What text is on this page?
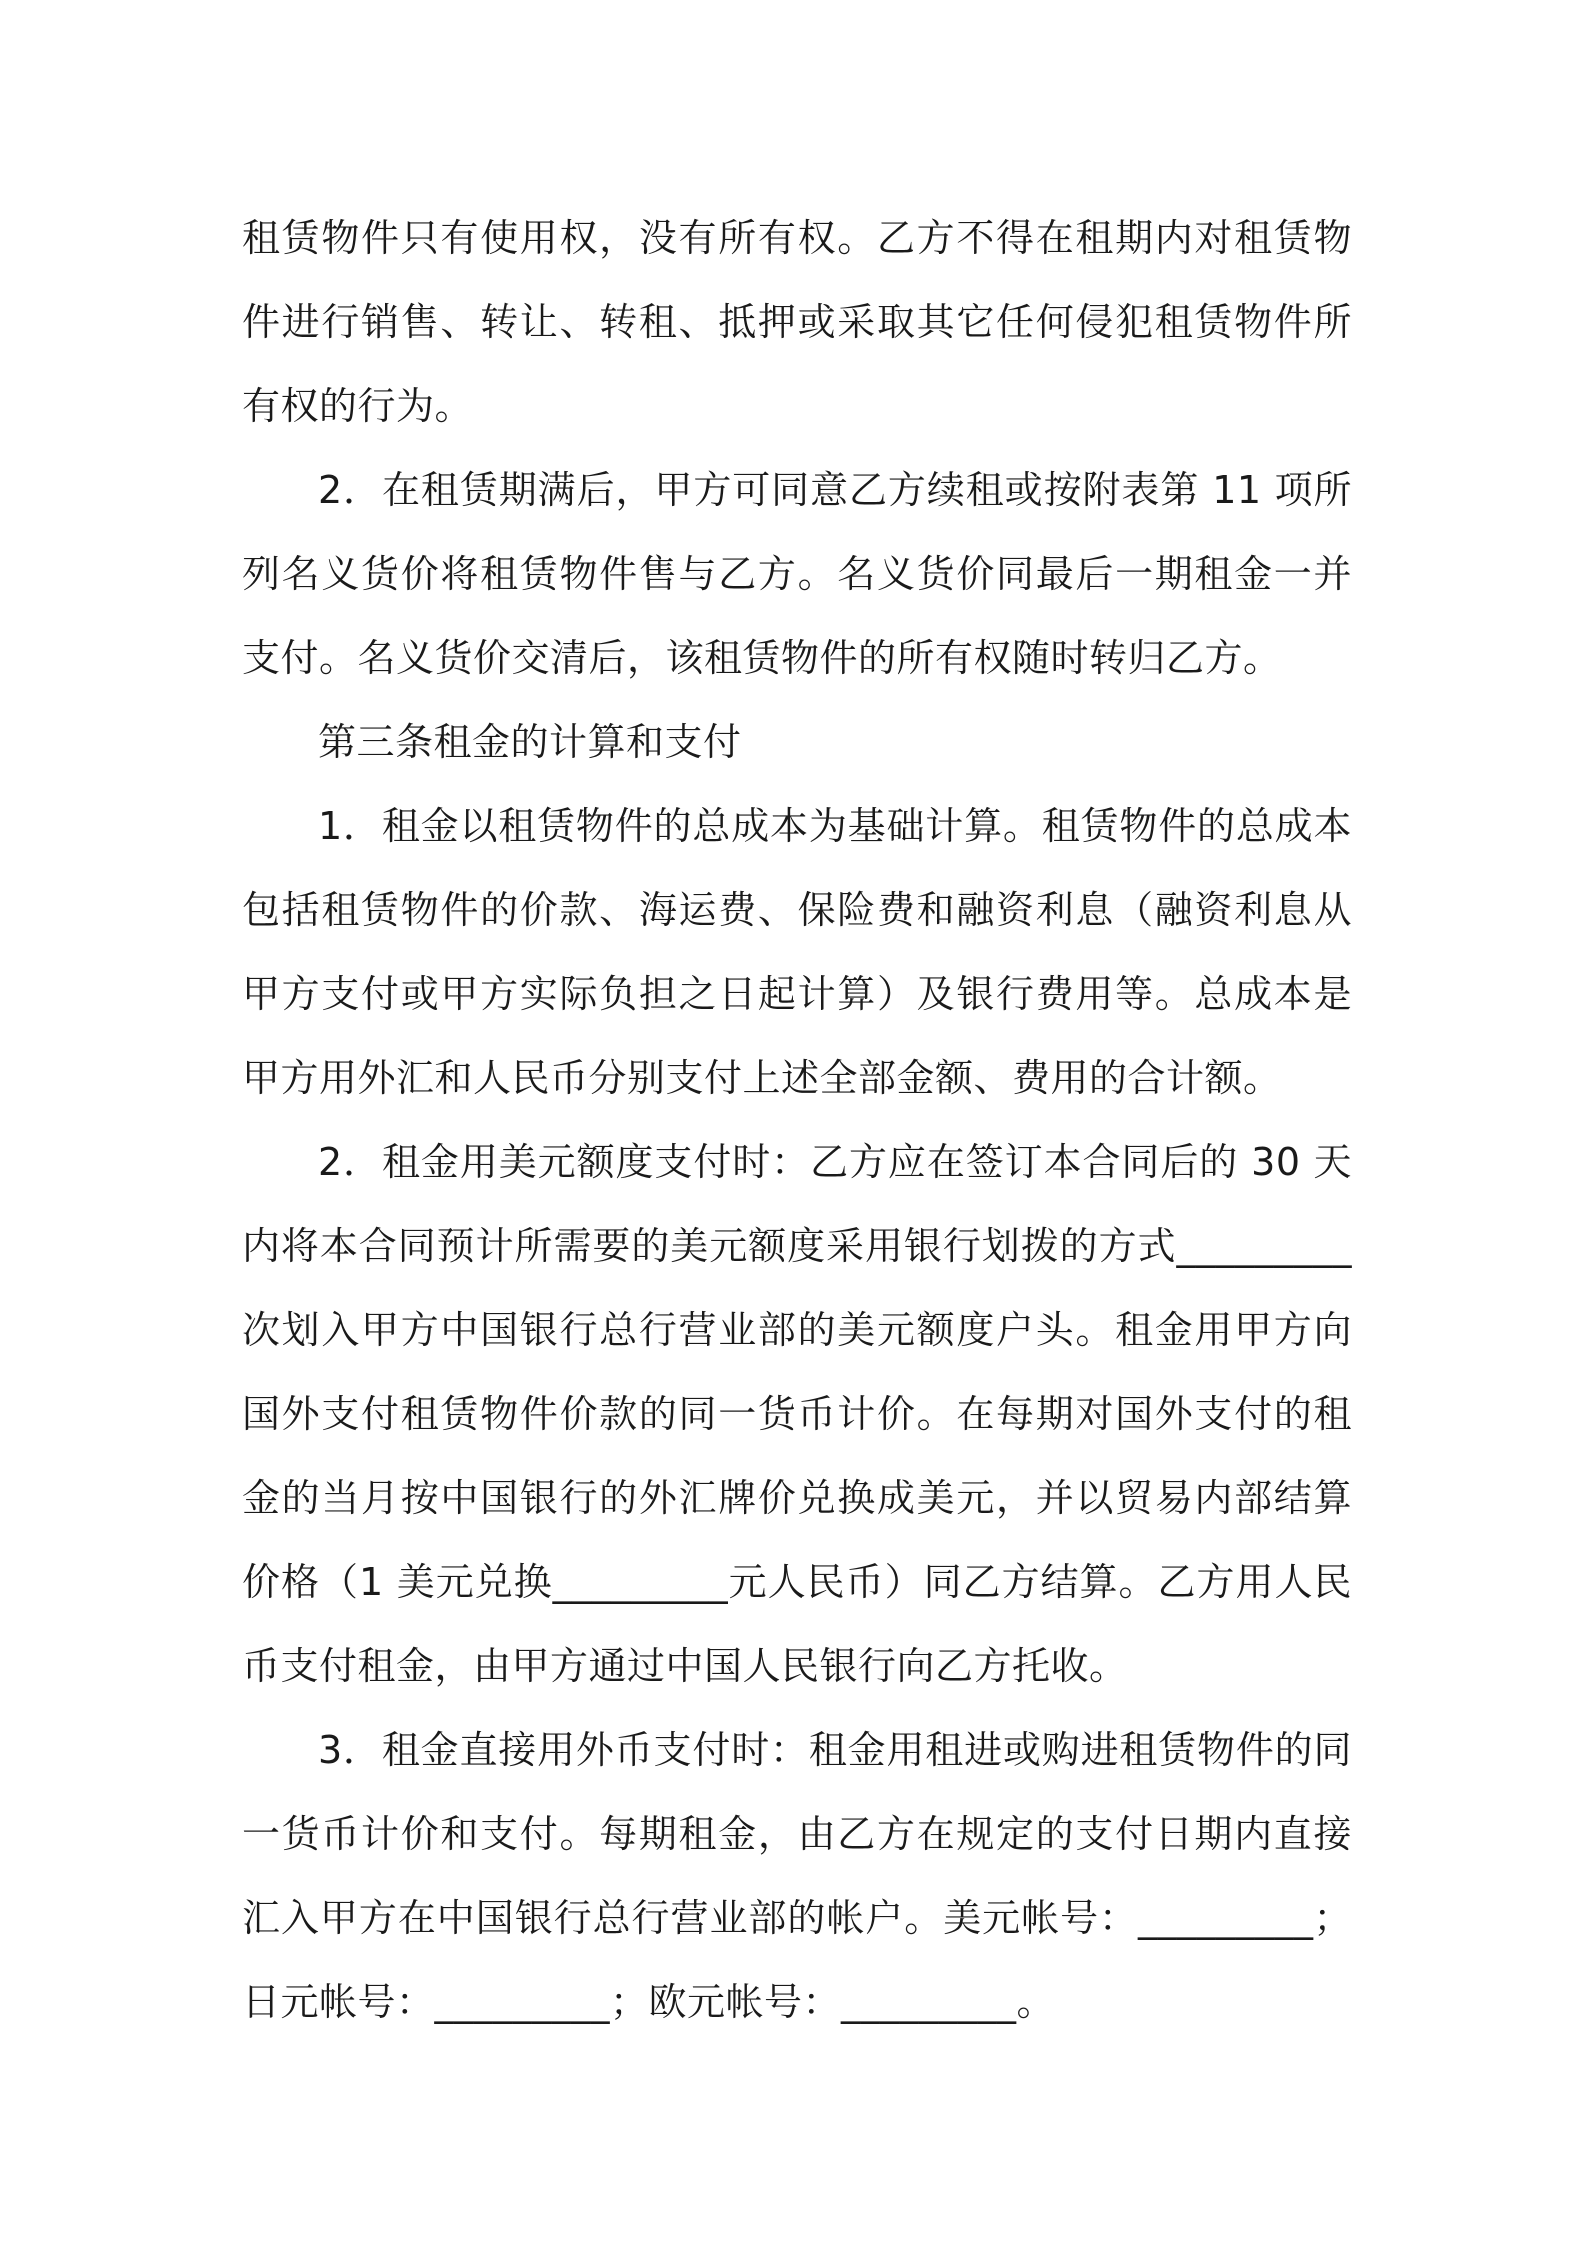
租赁物件只有使用权，没有所有权。乙方不得在租期内对租赁物件进行销售、转让、转租、抵押或采取其它任何侵犯租赁物件所有权的行为。

2．在租赁期满后，甲方可同意乙方续租或按附表第 11 项所列名义货价将租赁物件售与乙方。名义货价同最后一期租金一并支付。名义货价交清后，该租赁物件的所有权随时转归乙方。

第三条租金的计算和支付

1．租金以租赁物件的总成本为基础计算。租赁物件的总成本包括租赁物件的价款、海运费、保险费和融资利息（融资利息从甲方支付或甲方实际负担之日起计算）及银行费用等。总成本是甲方用外汇和人民币分别支付上述全部金额、费用的合计额。

2．租金用美元额度支付时：乙方应在签订本合同后的 30 天内将本合同预计所需要的美元额度采用银行划拨的方式_________次划入甲方中国银行总行营业部的美元额度户头。租金用甲方向国外支付租赁物件价款的同一货币计价。在每期对国外支付的租金的当月按中国银行的外汇牌价兑换成美元，并以贸易内部结算价格（1 美元兑换_________元人民币）同乙方结算。乙方用人民币支付租金，由甲方通过中国人民银行向乙方托收。

3．租金直接用外币支付时：租金用租进或购进租赁物件的同一货币计价和支付。每期租金，由乙方在规定的支付日期内直接汇入甲方在中国银行总行营业部的帐户。美元帐号：_________；日元帐号：_________；欧元帐号：_________。
